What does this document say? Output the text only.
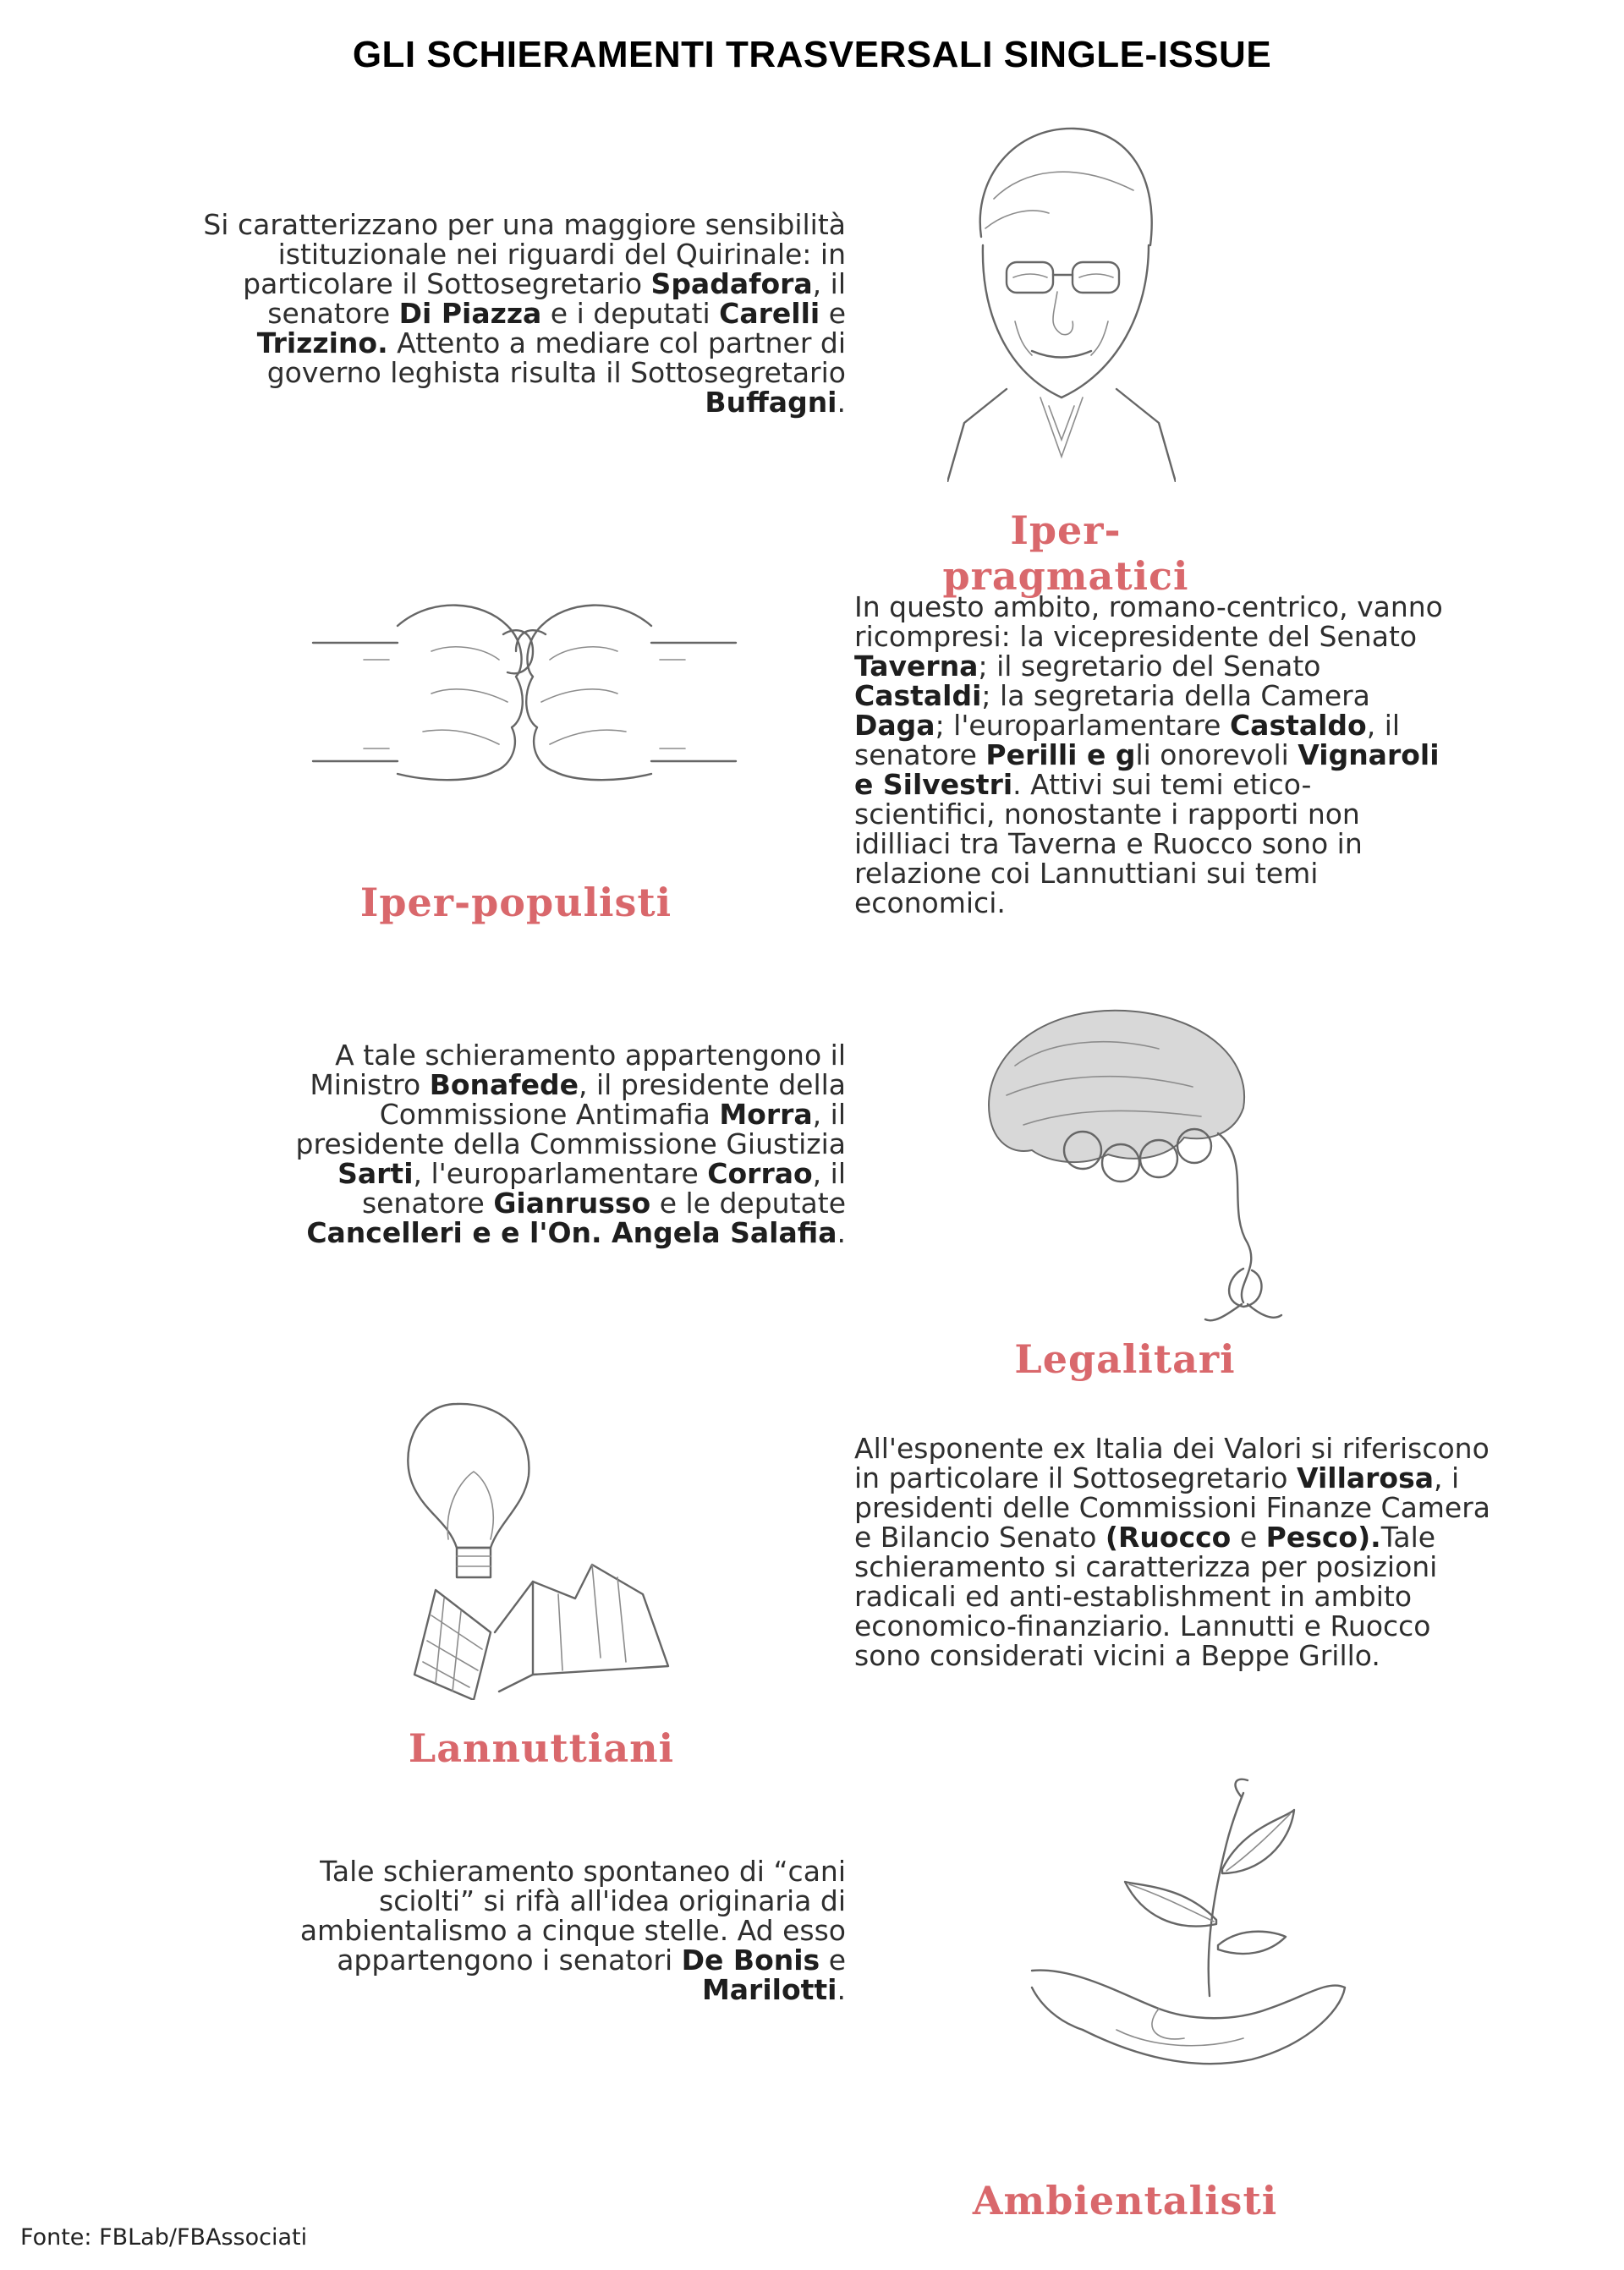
GLI SCHIERAMENTI TRASVERSALI SINGLE-ISSUE
Si caratterizzano per una maggiore sensibilità istituzionale nei riguardi del Quirinale: in particolare il Sottosegretario Spadafora, il senatore Di Piazza e i deputati Carelli e Trizzino. Attento a mediare col partner di governo leghista risulta il Sottosegretario Buffagni.
Iper-pragmatici
Iper-populisti
In questo ambito, romano-centrico, vanno ricompresi: la vicepresidente del Senato Taverna; il segretario del Senato Castaldi; la segretaria della Camera Daga; l'europarlamentare Castaldo, il senatore Perilli e gli onorevoli Vignaroli e Silvestri. Attivi sui temi etico-scientifici, nonostante i rapporti non idilliaci tra Taverna e Ruocco sono in relazione coi Lannuttiani sui temi economici.
A tale schieramento appartengono il Ministro Bonafede, il presidente della Commissione Antimafia Morra, il presidente della Commissione Giustizia Sarti, l'europarlamentare Corrao, il senatore Gianrusso e le deputate Cancelleri e e l'On. Angela Salafia.
Legalitari
Lannuttiani
All'esponente ex Italia dei Valori si riferiscono in particolare il Sottosegretario Villarosa, i presidenti delle Commissioni Finanze Camera e Bilancio Senato (Ruocco e Pesco).Tale schieramento si caratterizza per posizioni radicali ed anti-establishment in ambito economico-finanziario. Lannutti e Ruocco sono considerati vicini a Beppe Grillo.
Tale schieramento spontaneo di “cani sciolti” si rifà all'idea originaria di ambientalismo a cinque stelle. Ad esso appartengono i senatori De Bonis e Marilotti.
Ambientalisti
Fonte: FBLab/FBAssociati
